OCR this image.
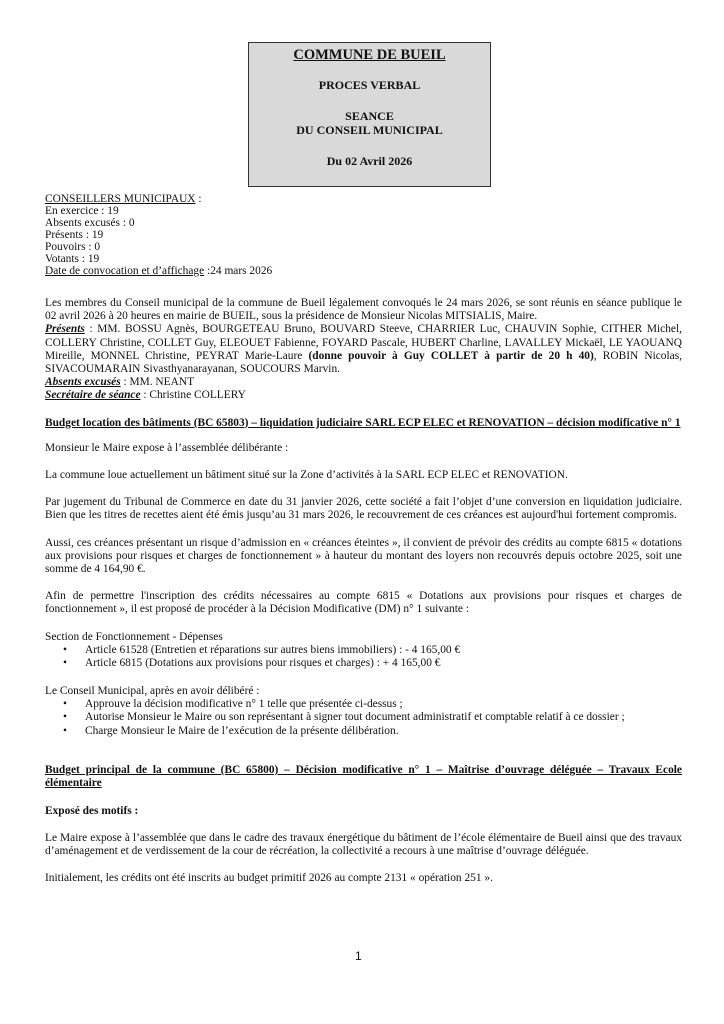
COMMUNE DE BUEIL
PROCES VERBAL
SEANCE
DU CONSEIL MUNICIPAL
Du 02 Avril 2026
CONSEILLERS MUNICIPAUX :
En exercice : 19
Absents excusés : 0
Présents : 19
Pouvoirs : 0
Votants : 19
Date de convocation et d’affichage :24 mars 2026

Les membres du Conseil municipal de la commune de Bueil légalement convoqués le 24 mars 2026, se sont réunis en séance publique le 02 avril 2026 à 20 heures en mairie de BUEIL, sous la présidence de Monsieur Nicolas MITSIALIS, Maire.
Présents : MM. BOSSU Agnès, BOURGETEAU Bruno, BOUVARD Steeve, CHARRIER Luc, CHAUVIN Sophie, CITHER Michel, COLLERY Christine, COLLET Guy, ELEOUET Fabienne, FOYARD Pascale, HUBERT Charline, LAVALLEY Mickaël, LE YAOUANQ Mireille, MONNEL Christine, PEYRAT Marie-Laure (donne pouvoir à Guy COLLET à partir de 20 h 40), ROBIN Nicolas, SIVACOUMARAIN Sivasthyanarayanan, SOUCOURS Marvin.
Absents excusés : MM. NEANT
Secrétaire de séance : Christine COLLERY

Budget location des bâtiments (BC 65803) – liquidation judiciaire SARL ECP ELEC et RENOVATION – décision modificative n° 1

Monsieur le Maire expose à l’assemblée délibérante :

La commune loue actuellement un bâtiment situé sur la Zone d’activités à la SARL ECP ELEC et RENOVATION.

Par jugement du Tribunal de Commerce en date du 31 janvier 2026, cette société a fait l’objet d’une conversion en liquidation judiciaire. Bien que les titres de recettes aient été émis jusqu’au 31 mars 2026, le recouvrement de ces créances est aujourd'hui fortement compromis.

Aussi, ces créances présentant un risque d’admission en « créances éteintes », il convient de prévoir des crédits au compte 6815 « dotations aux provisions pour risques et charges de fonctionnement » à hauteur du montant des loyers non recouvrés depuis octobre 2025, soit une somme de 4 164,90 €.

Afin de permettre l'inscription des crédits nécessaires au compte 6815 « Dotations aux provisions pour risques et charges de fonctionnement », il est proposé de procéder à la Décision Modificative (DM) n° 1 suivante :

Section de Fonctionnement - Dépenses
• Article 61528 (Entretien et réparations sur autres biens immobiliers) : - 4 165,00 €
• Article 6815 (Dotations aux provisions pour risques et charges) : + 4 165,00 €
Le Conseil Municipal, après en avoir délibéré :
• Approuve la décision modificative n° 1 telle que présentée ci-dessus ;
• Autorise Monsieur le Maire ou son représentant à signer tout document administratif et comptable relatif à ce dossier ;
• Charge Monsieur le Maire de l’exécution de la présente délibération.
Budget principal de la commune (BC 65800) – Décision modificative n° 1 – Maîtrise d’ouvrage déléguée – Travaux Ecole élémentaire
Exposé des motifs :

Le Maire expose à l’assemblée que dans le cadre des travaux énergétique du bâtiment de l’école élémentaire de Bueil ainsi que des travaux d’aménagement et de verdissement de la cour de récréation, la collectivité a recours à une maîtrise d’ouvrage déléguée.

Initialement, les crédits ont été inscrits au budget primitif 2026 au compte 2131 « opération 251 ».

1
